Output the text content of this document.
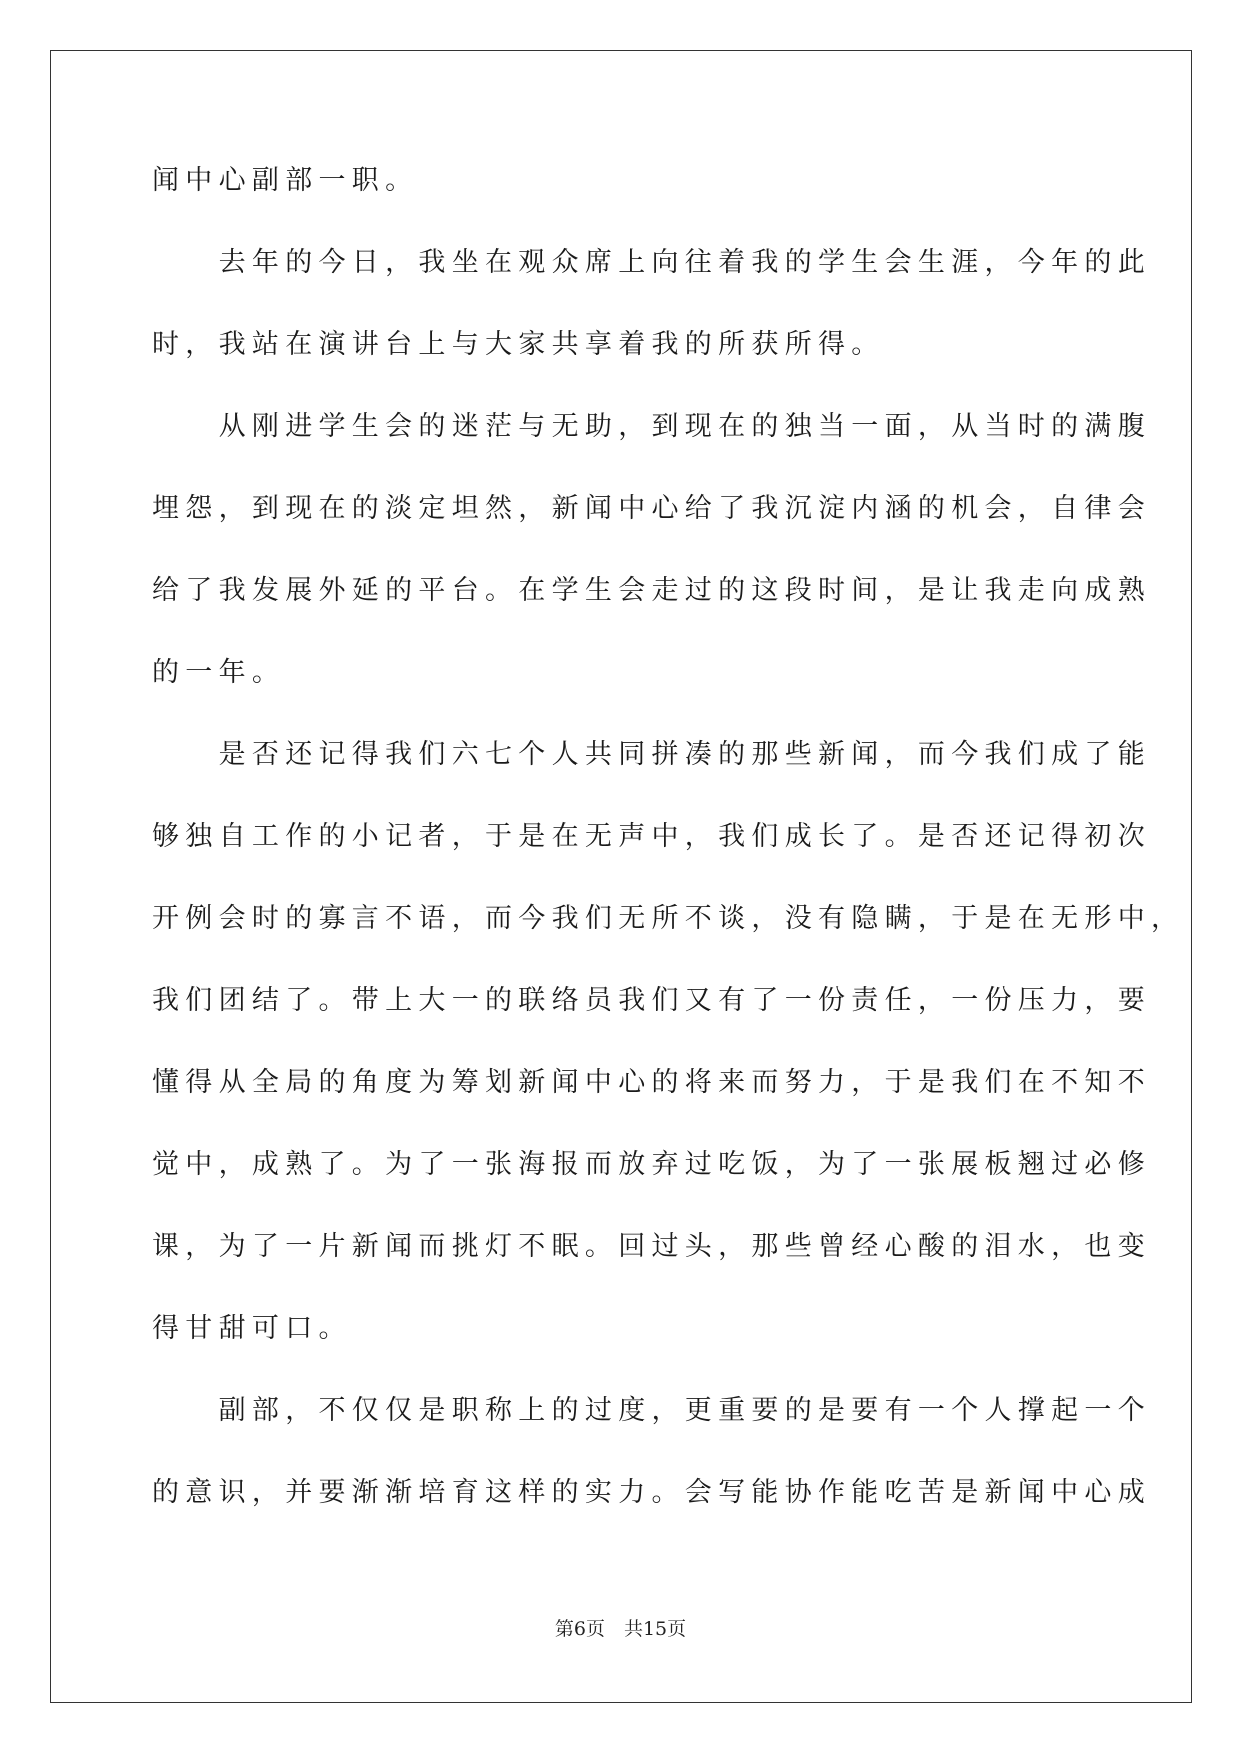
闻中心副部一职。
　　去年的今日，我坐在观众席上向往着我的学生会生涯，今年的此
时，我站在演讲台上与大家共享着我的所获所得。
　　从刚进学生会的迷茫与无助，到现在的独当一面，从当时的满腹
埋怨，到现在的淡定坦然，新闻中心给了我沉淀内涵的机会，自律会
给了我发展外延的平台。在学生会走过的这段时间，是让我走向成熟
的一年。
　　是否还记得我们六七个人共同拼凑的那些新闻，而今我们成了能
够独自工作的小记者，于是在无声中，我们成长了。是否还记得初次
开例会时的寡言不语，而今我们无所不谈，没有隐瞒，于是在无形中，
我们团结了。带上大一的联络员我们又有了一份责任，一份压力，要
懂得从全局的角度为筹划新闻中心的将来而努力，于是我们在不知不
觉中，成熟了。为了一张海报而放弃过吃饭，为了一张展板翘过必修
课，为了一片新闻而挑灯不眠。回过头，那些曾经心酸的泪水，也变
得甘甜可口。
　　副部，不仅仅是职称上的过度，更重要的是要有一个人撑起一个
的意识，并要渐渐培育这样的实力。会写能协作能吃苦是新闻中心成
第6页　共15页
